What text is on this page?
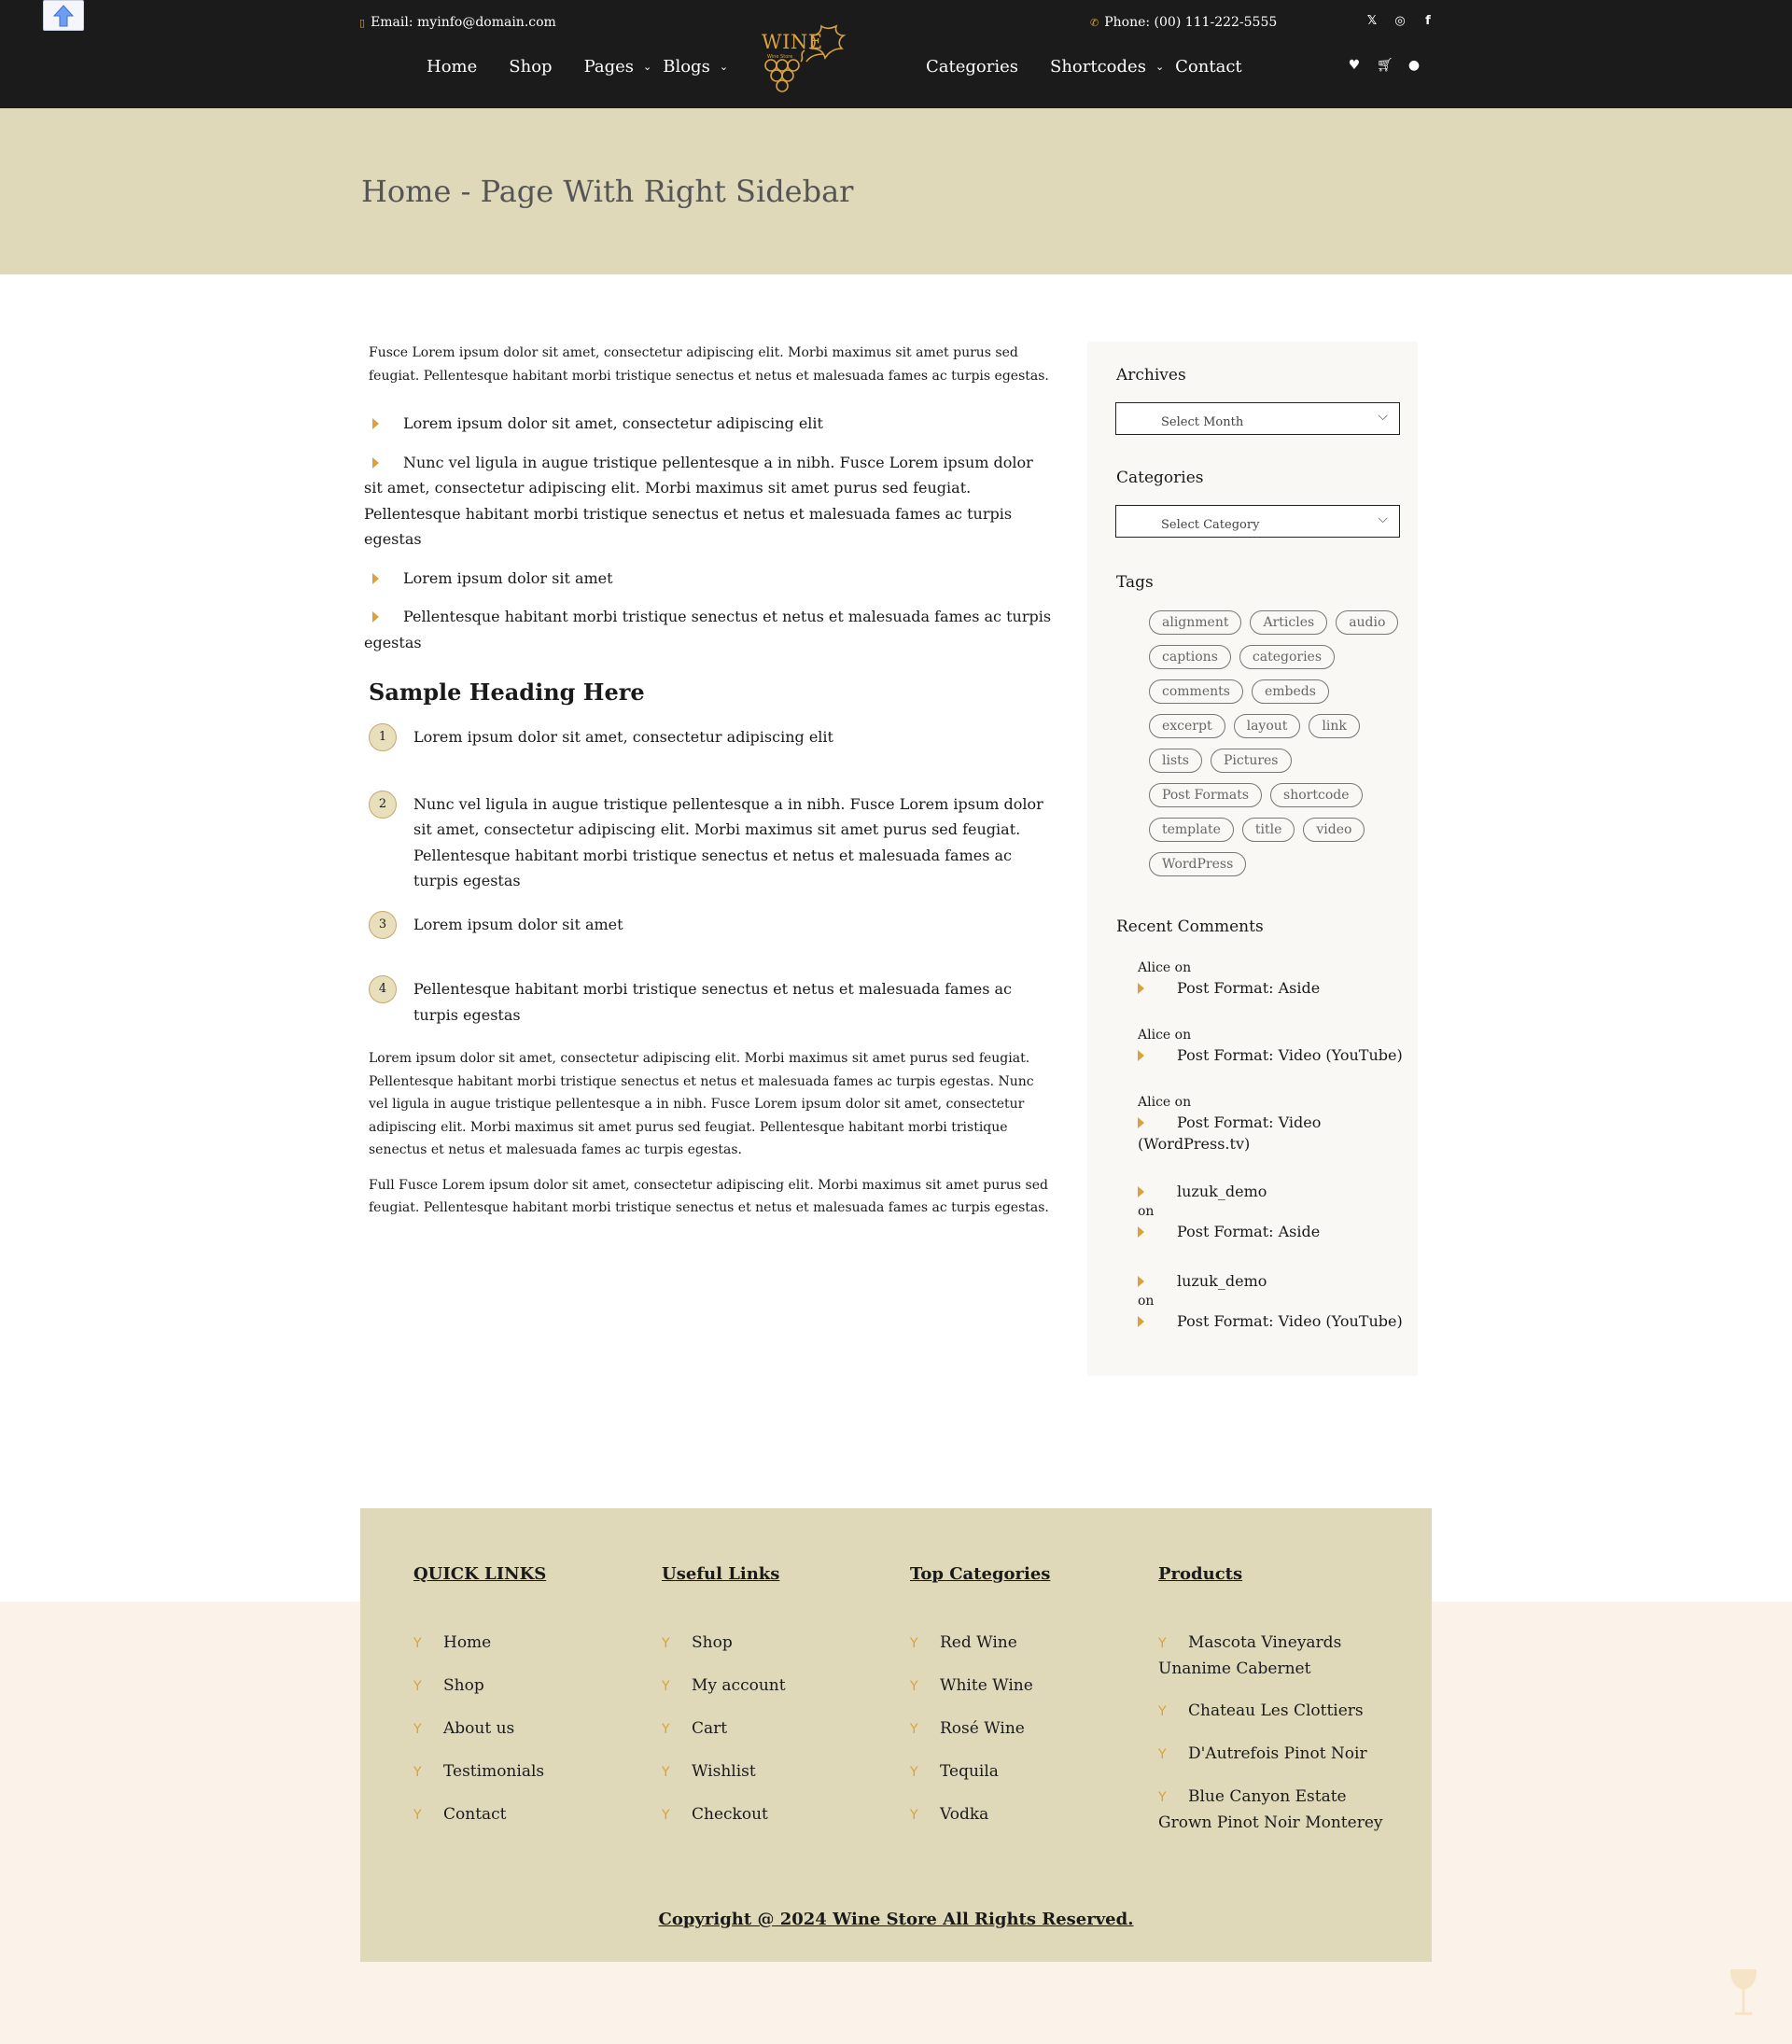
▯ Email: myinfo@domain.com	✆ Phone: (00) 111-222-5555	𝕏 ◎	f
Home Shop Pages ⌄ Blogs ⌄
WINE
Wine Store	Categories Shortcodes ⌄ Contact	♥ 🛒︎ ●
Home - Page With Right Sidebar

Fusce Lorem ipsum dolor sit amet, consectetur adipiscing elit. Morbi maximus sit amet purus sed feugiat. Pellentesque habitant morbi tristique senectus et netus et malesuada fames ac turpis egestas.

Lorem ipsum dolor sit amet, consectetur adipiscing elit
Nunc vel ligula in augue tristique pellentesque a in nibh. Fusce Lorem ipsum dolor sit amet, consectetur adipiscing elit. Morbi maximus sit amet purus sed feugiat. Pellentesque habitant morbi tristique senectus et netus et malesuada fames ac turpis egestas
Lorem ipsum dolor sit amet
Pellentesque habitant morbi tristique senectus et netus et malesuada fames ac turpis egestas
Sample Heading Here
1	Lorem ipsum dolor sit amet, consectetur adipiscing elit
2	Nunc vel ligula in augue tristique pellentesque a in nibh. Fusce Lorem ipsum dolor sit amet, consectetur adipiscing elit. Morbi maximus sit amet purus sed feugiat. Pellentesque habitant morbi tristique senectus et netus et malesuada fames ac turpis egestas
3	Lorem ipsum dolor sit amet
4	Pellentesque habitant morbi tristique senectus et netus et malesuada fames ac turpis egestas

Lorem ipsum dolor sit amet, consectetur adipiscing elit. Morbi maximus sit amet purus sed feugiat. Pellentesque habitant morbi tristique senectus et netus et malesuada fames ac turpis egestas. Nunc vel ligula in augue tristique pellentesque a in nibh. Fusce Lorem ipsum dolor sit amet, consectetur adipiscing elit. Morbi maximus sit amet purus sed feugiat. Pellentesque habitant morbi tristique senectus et netus et malesuada fames ac turpis egestas.

Full Fusce Lorem ipsum dolor sit amet, consectetur adipiscing elit. Morbi maximus sit amet purus sed feugiat. Pellentesque habitant morbi tristique senectus et netus et malesuada fames ac turpis egestas.

Archives
Select Month	⌵
Categories
Select Category	⌵
Tags
alignment	Articles	audio
captions	categories
comments	embeds
excerpt	layout	link
lists	Pictures
Post Formats	shortcode
template	title	video
WordPress
Recent Comments
Alice on
Post Format: Aside
Alice on
Post Format: Video (YouTube)
Alice on
Post Format: Video (WordPress.tv)
luzuk_demo
on
Post Format: Aside
luzuk_demo
on
Post Format: Video (YouTube)
QUICK LINKS
Y Home
Y Shop
Y About us
Y Testimonials
Y Contact
Useful Links
Y Shop
Y My account
Y Cart
Y Wishlist
Y Checkout
Top Categories
Y Red Wine
Y White Wine
Y Rosé Wine
Y Tequila
Y Vodka
Products
Y Mascota Vineyards Unanime Cabernet
Y Chateau Les Clottiers
Y D'Autrefois Pinot Noir
Y Blue Canyon Estate Grown Pinot Noir Monterey
Copyright @ 2024 Wine Store All Rights Reserved.
